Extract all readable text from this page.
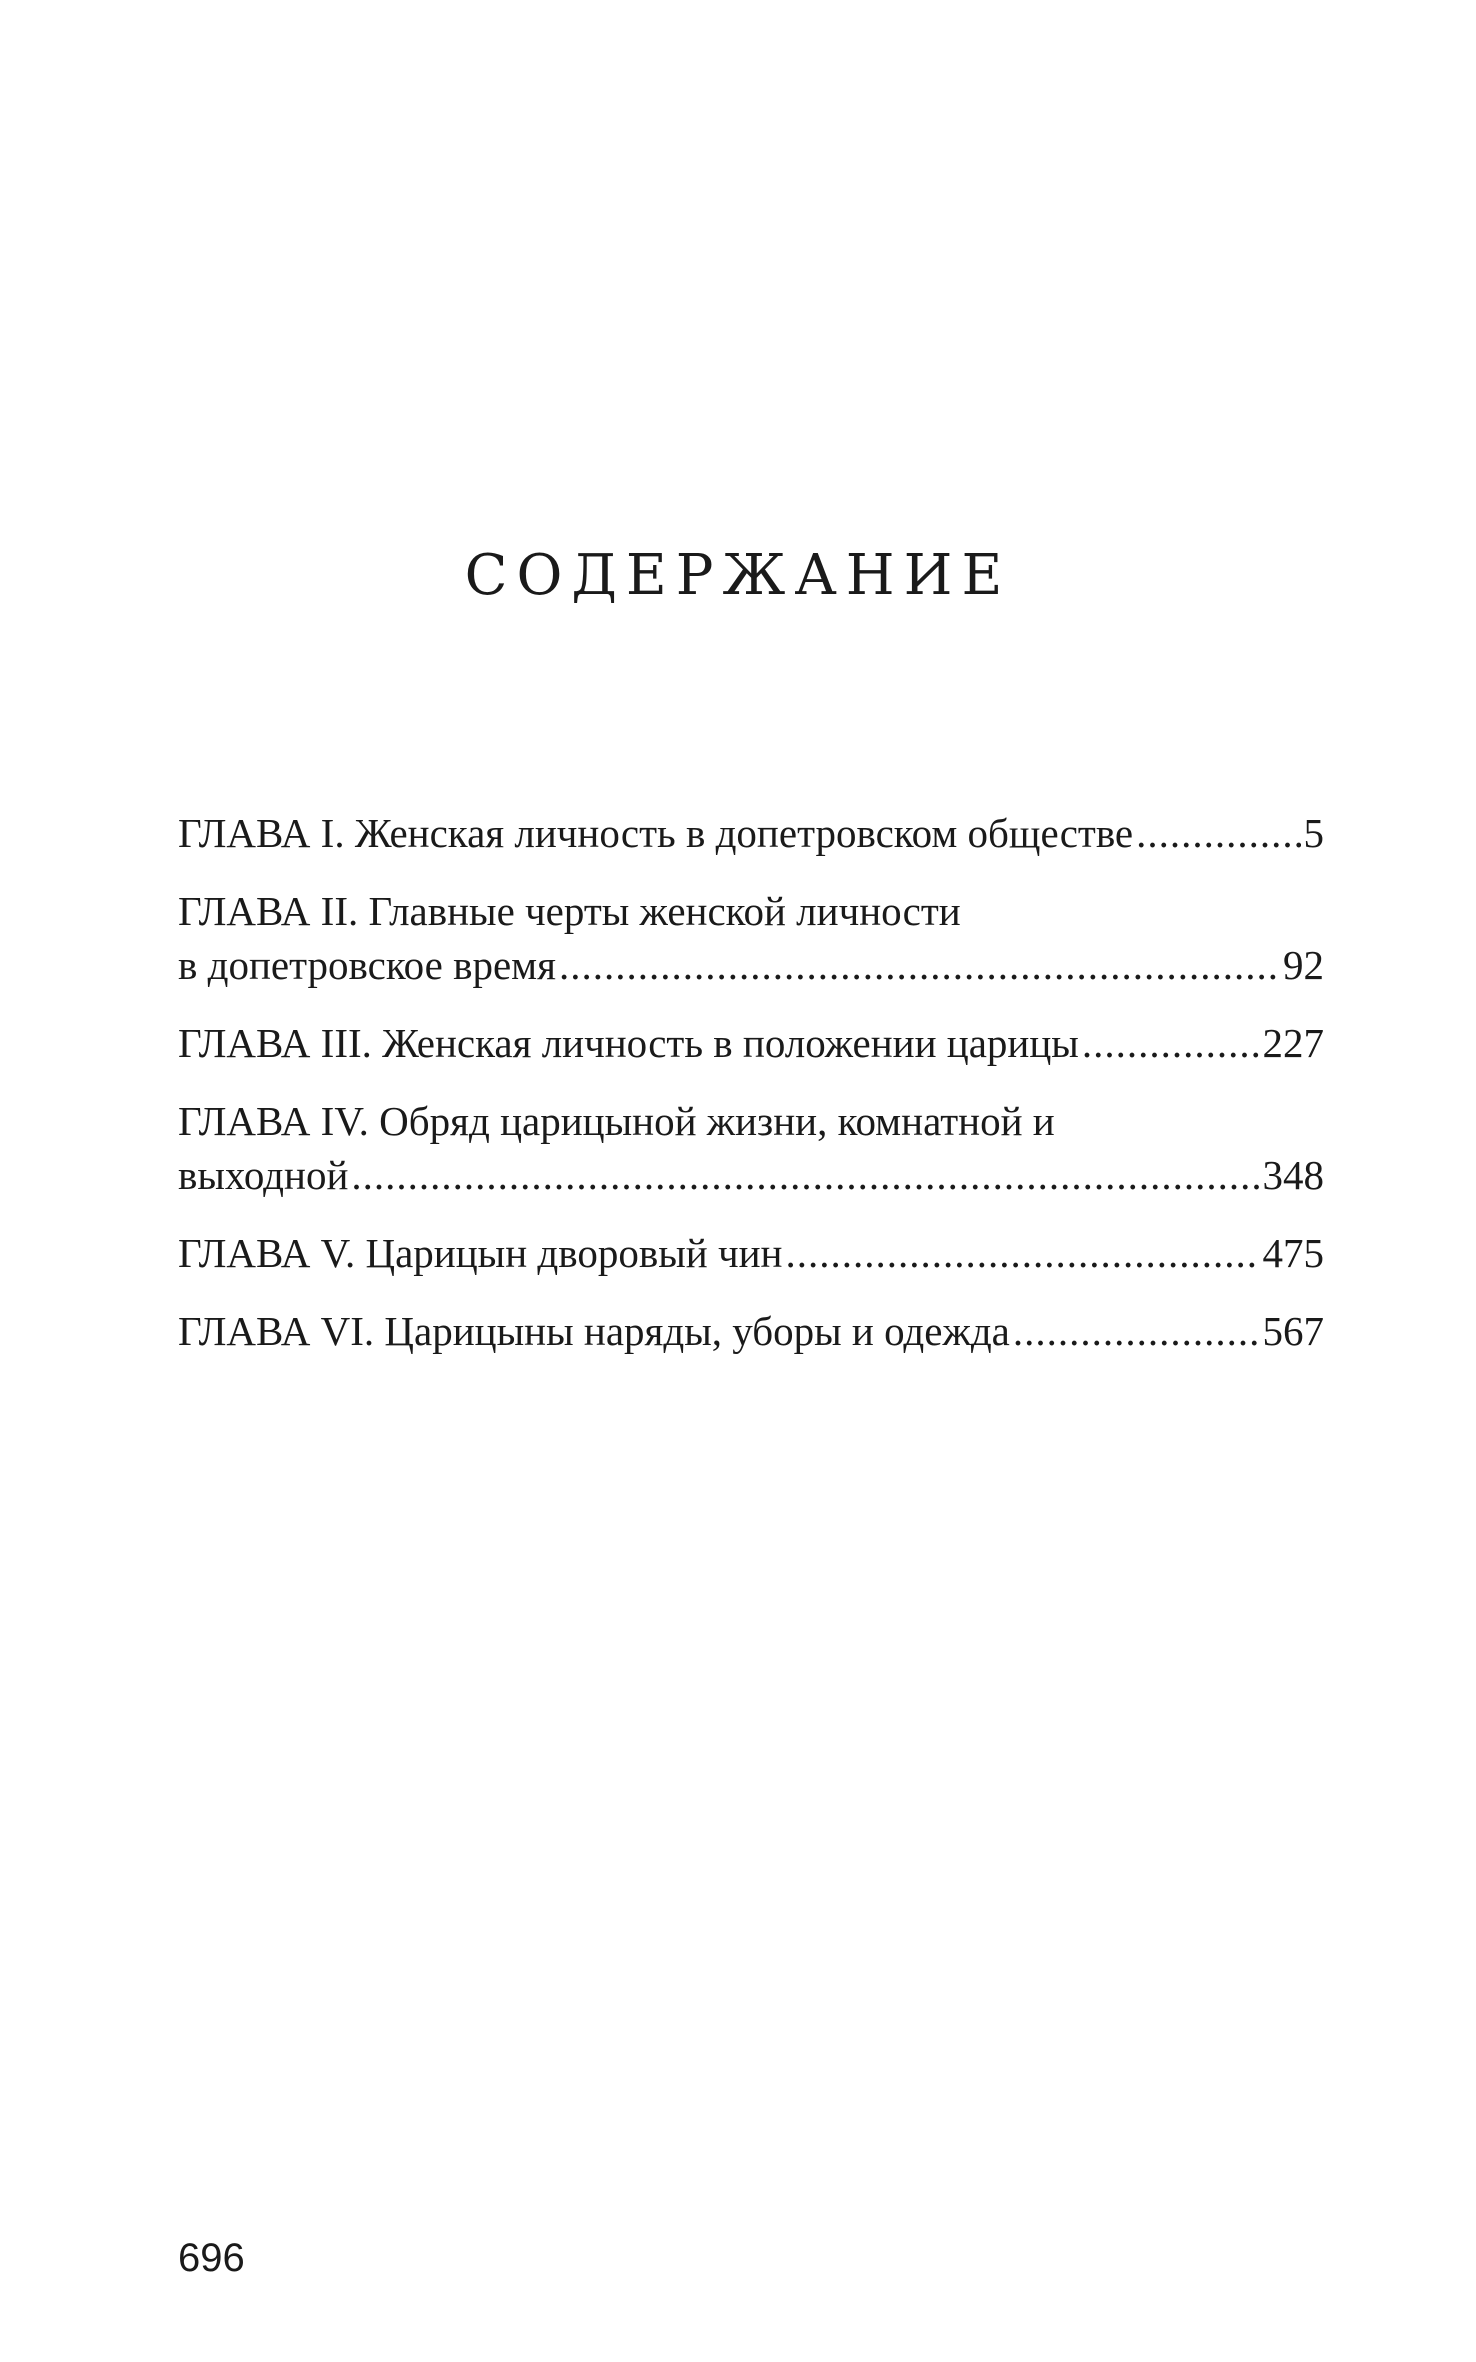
СОДЕРЖАНИЕ
ГЛАВА I. Женская личность в допетровском обществе .....	5
ГЛАВА II. Главные черты женской личности
в допетровское время .....	92
ГЛАВА III. Женская личность в положении царицы .....	227
ГЛАВА IV. Обряд царицыной жизни, комнатной и
выходной .....	348
ГЛАВА V. Царицын дворовый чин .....	475
ГЛАВА VI. Царицыны наряды, уборы и одежда .....	567
696
